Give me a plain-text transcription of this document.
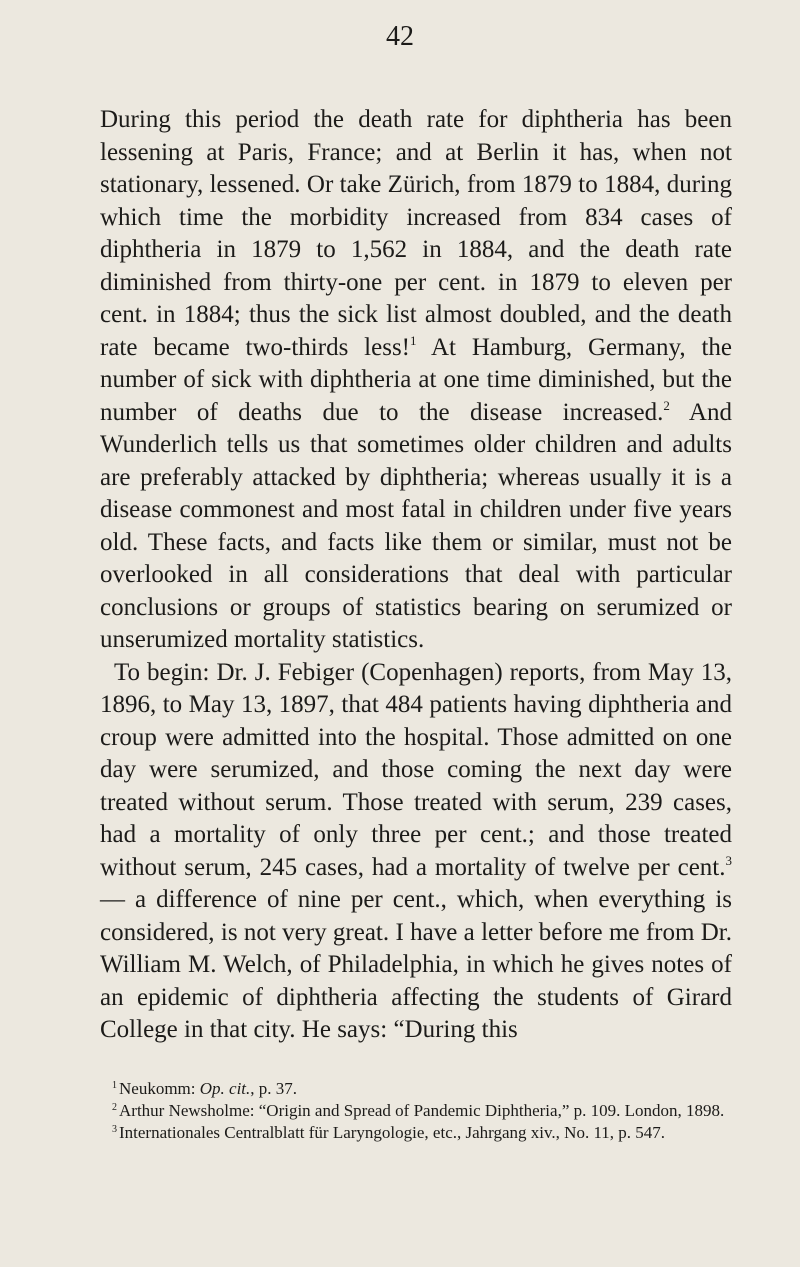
42

During this period the death rate for diphtheria has been lessening at Paris, France; and at Berlin it has, when not stationary, lessened. Or take Zürich, from 1879 to 1884, during which time the morbidity increased from 834 cases of diphtheria in 1879 to 1,562 in 1884, and the death rate diminished from thirty-one per cent. in 1879 to eleven per cent. in 1884; thus the sick list almost doubled, and the death rate became two-thirds less!$^1$ At Hamburg, Germany, the number of sick with diphtheria at one time diminished, but the number of deaths due to the disease increased.$^2$ And Wunderlich tells us that sometimes older children and adults are preferably attacked by diphtheria; whereas usually it is a disease commonest and most fatal in children under five years old. These facts, and facts like them or similar, must not be overlooked in all considerations that deal with particular conclusions or groups of statistics bearing on serumized or unserumized mortality statistics.

To begin: Dr. J. Febiger (Copenhagen) reports, from May 13, 1896, to May 13, 1897, that 484 patients having diphtheria and croup were admitted into the hospital. Those admitted on one day were serumized, and those coming the next day were treated without serum. Those treated with serum, 239 cases, had a mortality of only three per cent.; and those treated without serum, 245 cases, had a mortality of twelve per cent.$^3$ — a difference of nine per cent., which, when everything is considered, is not very great. I have a letter before me from Dr. William M. Welch, of Philadelphia, in which he gives notes of an epidemic of diphtheria affecting the students of Girard College in that city. He says: “During this

$^1$ Neukomm: Op. cit., p. 37.

$^2$ Arthur Newsholme: “Origin and Spread of Pandemic Diphtheria,” p. 109. London, 1898.

$^3$ Internationales Centralblatt für Laryngologie, etc., Jahrgang xiv., No. 11, p. 547.
